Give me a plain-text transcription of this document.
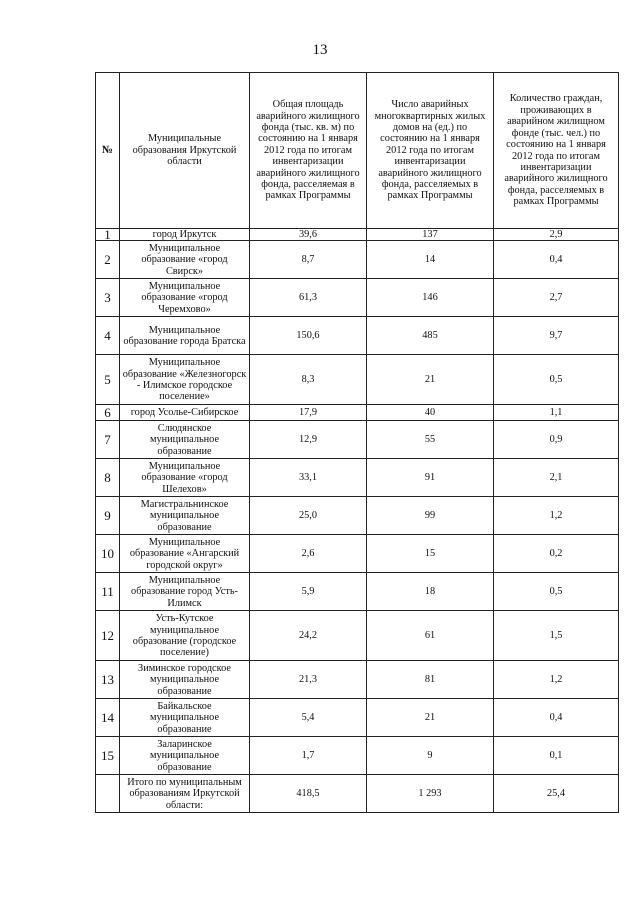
13
№	Муниципальные образования Иркутской области	Общая площадь аварийного жилищного фонда (тыс. кв. м) по состоянию на 1 января 2012 года по итогам инвентаризации аварийного жилищного фонда, расселяемая в рамках Программы	Число аварийных многоквартирных жилых домов на (ед.) по состоянию на 1 января 2012 года по итогам инвентаризации аварийного жилищного фонда, расселяемых в рамках Программы	Количество граждан, проживающих в аварийном жилищном фонде (тыс. чел.) по состоянию на 1 января 2012 года по итогам инвентаризации аварийного жилищного фонда, расселяемых в рамках Программы
1	город Иркутск	39,6	137	2,9
2	Муниципальное образование «город Свирск»	8,7	14	0,4
3	Муниципальное образование «город Черемхово»	61,3	146	2,7
4	Муниципальное образование города Братска	150,6	485	9,7
5	Муниципальное образование «Железногорск - Илимское городское поселение»	8,3	21	0,5
6	город Усолье-Сибирское	17,9	40	1,1
7	Слюдянское муниципальное образование	12,9	55	0,9
8	Муниципальное образование «город Шелехов»	33,1	91	2,1
9	Магистральнинское муниципальное образование	25,0	99	1,2
10	Муниципальное образование «Ангарский городской округ»	2,6	15	0,2
11	Муниципальное образование город Усть-Илимск	5,9	18	0,5
12	Усть-Кутское муниципальное образование (городское поселение)	24,2	61	1,5
13	Зиминское городское муниципальное образование	21,3	81	1,2
14	Байкальское муниципальное образование	5,4	21	0,4
15	Заларинское муниципальное образование	1,7	9	0,1
	Итого по муниципальным образованиям Иркутской области:	418,5	1 293	25,4
